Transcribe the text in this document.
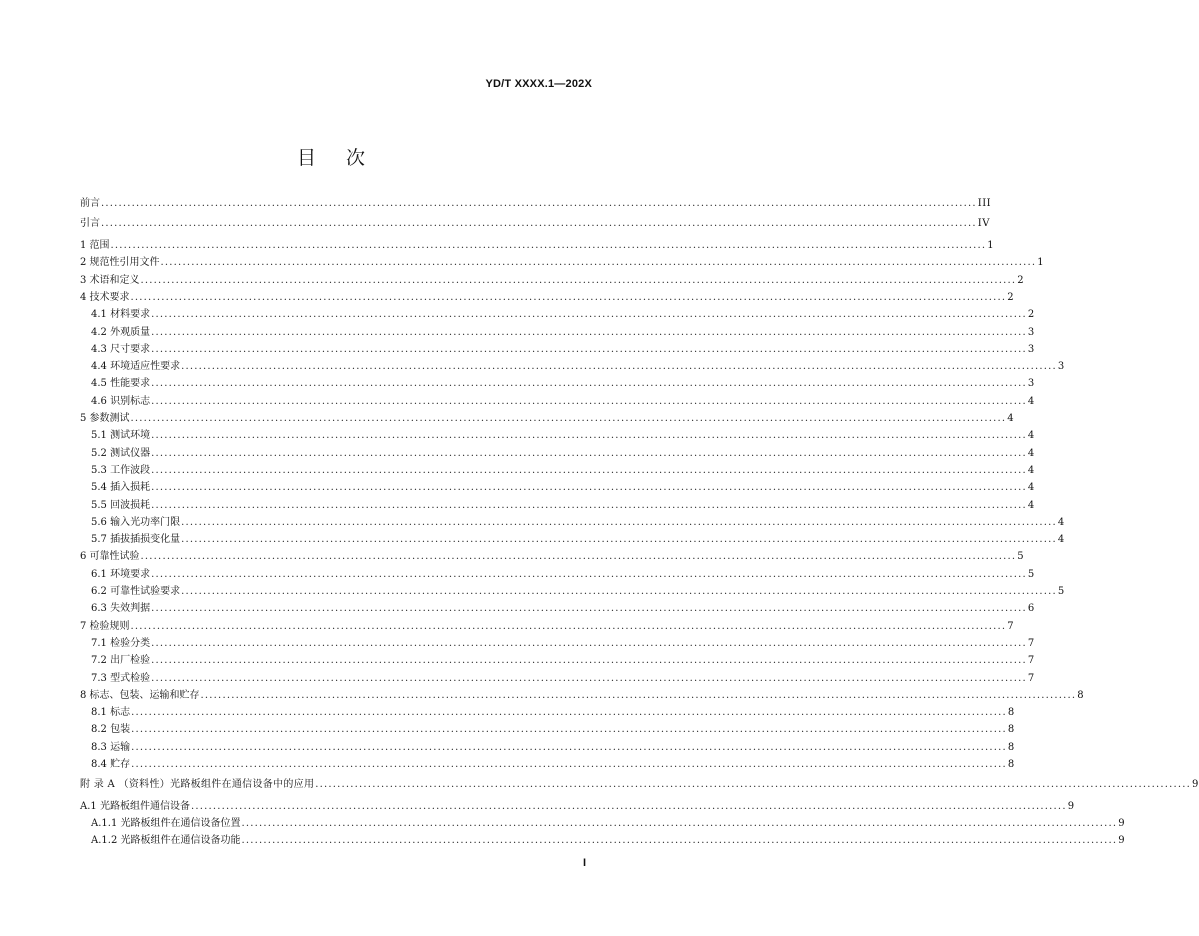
YD/T XXXX.1—202X
目次
前言 ........................................................................................................................................................................................................ III
引言 ........................................................................................................................................................................................................ IV
1 范围 ........................................................................................................................................................................................................ 1
2 规范性引用文件 ........................................................................................................................................................................................................ 1
3 术语和定义 ........................................................................................................................................................................................................ 2
4 技术要求 ........................................................................................................................................................................................................ 2
4.1 材料要求 ........................................................................................................................................................................................................ 2
4.2 外观质量 ........................................................................................................................................................................................................ 3
4.3 尺寸要求 ........................................................................................................................................................................................................ 3
4.4 环境适应性要求 ........................................................................................................................................................................................................ 3
4.5 性能要求 ........................................................................................................................................................................................................ 3
4.6 识别标志 ........................................................................................................................................................................................................ 4
5 参数测试 ........................................................................................................................................................................................................ 4
5.1 测试环境 ........................................................................................................................................................................................................ 4
5.2 测试仪器 ........................................................................................................................................................................................................ 4
5.3 工作波段 ........................................................................................................................................................................................................ 4
5.4 插入损耗 ........................................................................................................................................................................................................ 4
5.5 回波损耗 ........................................................................................................................................................................................................ 4
5.6 输入光功率门限 ........................................................................................................................................................................................................ 4
5.7 插拔插损变化量 ........................................................................................................................................................................................................ 4
6 可靠性试验 ........................................................................................................................................................................................................ 5
6.1 环境要求 ........................................................................................................................................................................................................ 5
6.2 可靠性试验要求 ........................................................................................................................................................................................................ 5
6.3 失效判据 ........................................................................................................................................................................................................ 6
7 检验规则 ........................................................................................................................................................................................................ 7
7.1 检验分类 ........................................................................................................................................................................................................ 7
7.2 出厂检验 ........................................................................................................................................................................................................ 7
7.3 型式检验 ........................................................................................................................................................................................................ 7
8 标志、包装、运输和贮存 ........................................................................................................................................................................................................ 8
8.1 标志 ........................................................................................................................................................................................................ 8
8.2 包装 ........................................................................................................................................................................................................ 8
8.3 运输 ........................................................................................................................................................................................................ 8
8.4 贮存 ........................................................................................................................................................................................................ 8
附 录 A （资料性）光路板组件在通信设备中的应用 ........................................................................................................................................................................................................ 9
A.1 光路板组件通信设备 ........................................................................................................................................................................................................ 9
A.1.1 光路板组件在通信设备位置 ........................................................................................................................................................................................................ 9
A.1.2 光路板组件在通信设备功能 ........................................................................................................................................................................................................ 9
I
